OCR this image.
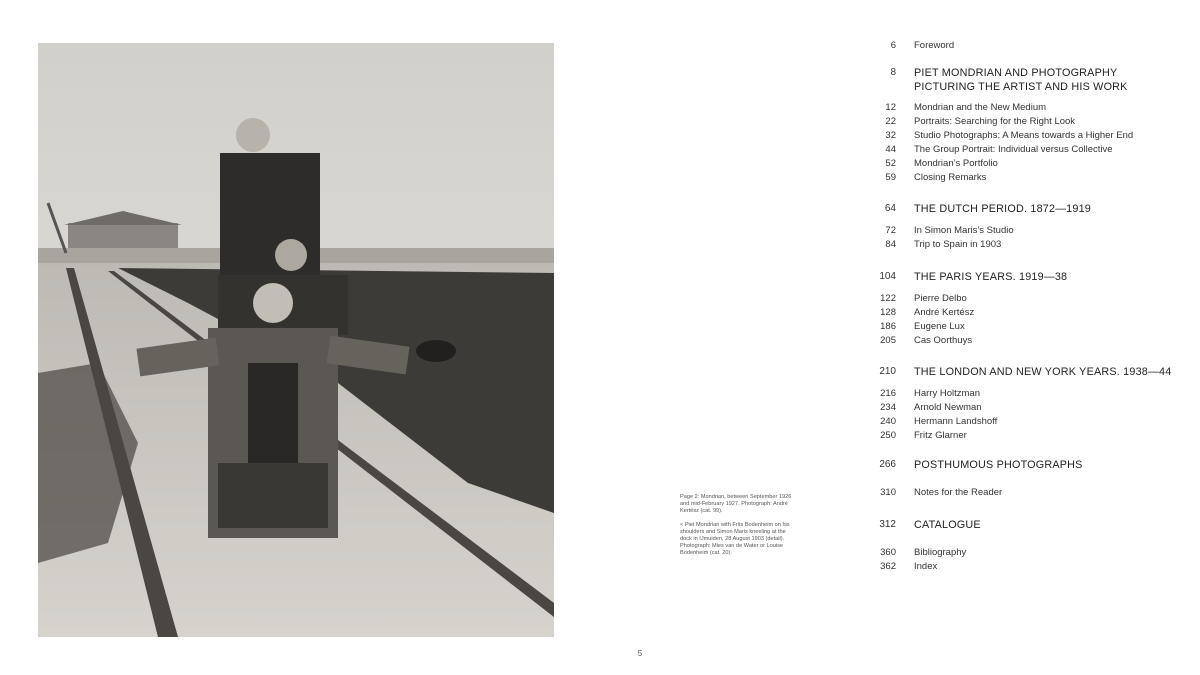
Page 2: Mondrian, between September 1926 and mid-February 1927. Photograph: André Kertész (cat. 99).

< Piet Mondrian with Frits Bodenheim on his shoulders and Simon Maris kneeling at the dock in IJmuiden, 28 August 1903 (detail). Photograph: Mies van de Water or Louise Bodenheim (cat. 20).

5
6 Foreword
8 PIET MONDRIAN AND PHOTOGRAPHY
PICTURING THE ARTIST AND HIS WORK
12 Mondrian and the New Medium
22 Portraits: Searching for the Right Look
32 Studio Photographs: A Means towards a Higher End
44 The Group Portrait: Individual versus Collective
52 Mondrian’s Portfolio
59 Closing Remarks
64 THE DUTCH PERIOD. 1872—1919
72 In Simon Maris’s Studio
84 Trip to Spain in 1903
104 THE PARIS YEARS. 1919—38
122 Pierre Delbo
128 André Kertész
186 Eugene Lux
205 Cas Oorthuys
210 THE LONDON AND NEW YORK YEARS. 1938—44
216 Harry Holtzman
234 Arnold Newman
240 Hermann Landshoff
250 Fritz Glarner
266 POSTHUMOUS PHOTOGRAPHS
310 Notes for the Reader
312 CATALOGUE
360 Bibliography
362 Index
